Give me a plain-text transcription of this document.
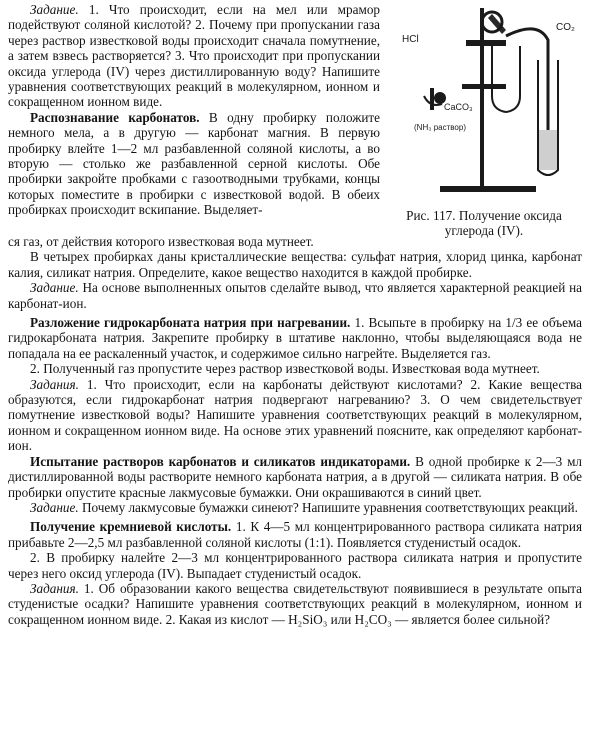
Задание. 1. Что происходит, если на мел или мрамор подействуют соляной кислотой? 2. Почему при пропускании газа через раствор известковой воды происходит сначала помутнение, а затем взвесь растворяется? 3. Что происходит при пропускании оксида углерода (IV) через дистиллированную воду? Напишите уравнения соответствующих реакций в молекулярном, ионном и сокращенном ионном виде.

Распознавание карбонатов. В одну пробирку положите немного мела, а в другую — карбонат магния. В первую пробирку влейте 1—2 мл разбавленной соляной кислоты, а во вторую — столько же разбавленной серной кислоты. Обе пробирки закройте пробками с газоотводными трубками, концы которых поместите в пробирки с известковой водой. В обеих пробирках происходит вскипание. Выделяет-

HCl
CO₂
CaCO₃
(NH₃ раствор)
Рис. 117. Получение оксида углерода (IV).

ся газ, от действия которого известковая вода мутнеет.

В четырех пробирках даны кристаллические вещества: сульфат натрия, хлорид цинка, карбонат калия, силикат натрия. Определите, какое вещество находится в каждой пробирке.

Задание. На основе выполненных опытов сделайте вывод, что является характерной реакцией на карбонат-ион.

Разложение гидрокарбоната натрия при нагревании. 1. Всыпьте в пробирку на 1/3 ее объема гидрокарбоната натрия. Закрепите пробирку в штативе наклонно, чтобы выделяющаяся вода не попадала на ее раскаленный участок, и содержимое сильно нагрейте. Выделяется газ.

2. Полученный газ пропустите через раствор известковой воды. Известковая вода мутнеет.

Задания. 1. Что происходит, если на карбонаты действуют кислотами? 2. Какие вещества образуются, если гидрокарбонат натрия подвергают нагреванию? 3. О чем свидетельствует помутнение известковой воды? Напишите уравнения соответствующих реакций в молекулярном, ионном и сокращенном ионном виде. На основе этих уравнений поясните, как определяют карбонат-ион.

Испытание растворов карбонатов и силикатов индикаторами. В одной пробирке к 2—3 мл дистиллированной воды растворите немного карбоната натрия, а в другой — силиката натрия. В обе пробирки опустите красные лакмусовые бумажки. Они окрашиваются в синий цвет.

Задание. Почему лакмусовые бумажки синеют? Напишите уравнения соответствующих реакций.

Получение кремниевой кислоты. 1. К 4—5 мл концентрированного раствора силиката натрия прибавьте 2—2,5 мл разбавленной соляной кислоты (1:1). Появляется студенистый осадок.

2. В пробирку налейте 2—3 мл концентрированного раствора силиката натрия и пропустите через него оксид углерода (IV). Выпадает студенистый осадок.

Задания. 1. Об образовании какого вещества свидетельствуют появившиеся в результате опыта студенистые осадки? Напишите уравнения соответствующих реакций в молекулярном, ионном и сокращенном ионном виде. 2. Какая из кислот — H₂SiO₃ или H₂CO₃ — является более сильной?
